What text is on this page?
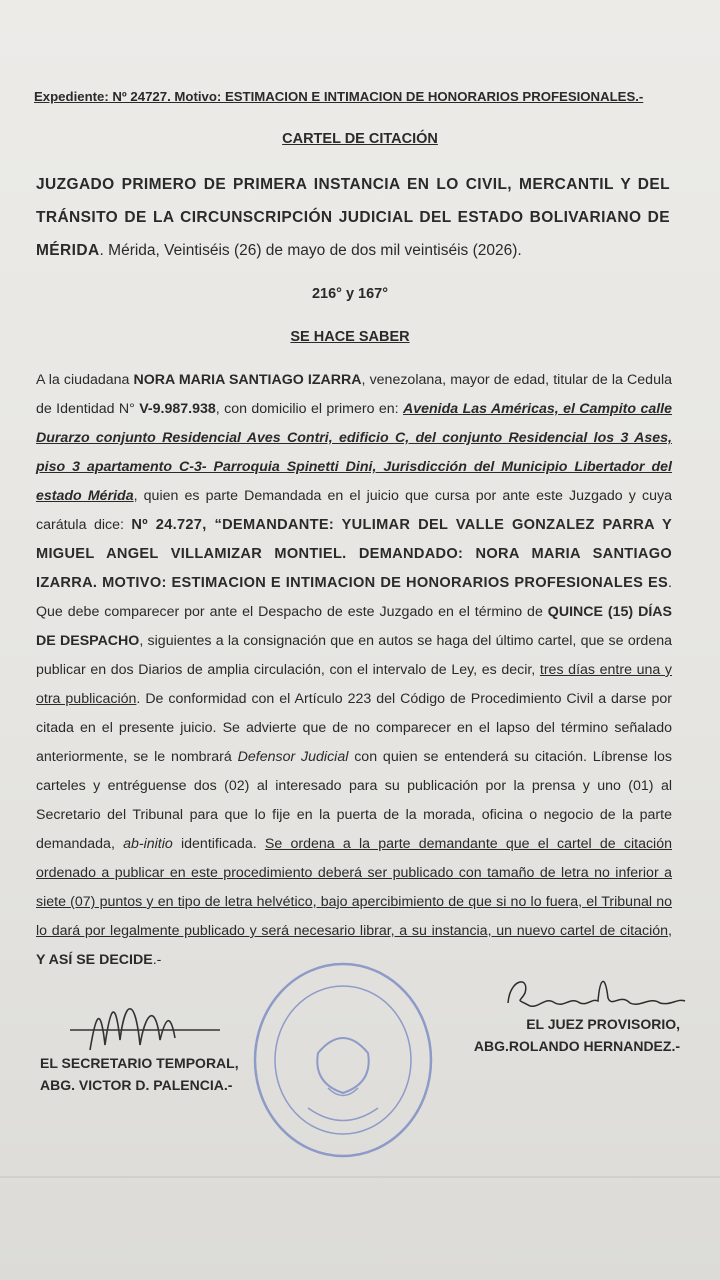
Expediente: Nº 24727. Motivo: ESTIMACION E INTIMACION DE HONORARIOS PROFESIONALES.-
CARTEL DE CITACIÓN
JUZGADO PRIMERO DE PRIMERA INSTANCIA EN LO CIVIL, MERCANTIL Y DEL TRÁNSITO DE LA CIRCUNSCRIPCIÓN JUDICIAL DEL ESTADO BOLIVARIANO DE MÉRIDA. Mérida, Veintiséis (26) de mayo de dos mil veintiséis (2026).
216° y 167°
SE HACE SABER
A la ciudadana NORA MARIA SANTIAGO IZARRA, venezolana, mayor de edad, titular de la Cedula de Identidad N° V-9.987.938, con domicilio el primero en: Avenida Las Américas, el Campito calle Durarzo conjunto Residencial Aves Contri, edificio C, del conjunto Residencial los 3 Ases, piso 3 apartamento C-3- Parroquia Spinetti Dini, Jurisdicción del Municipio Libertador del estado Mérida, quien es parte Demandada en el juicio que cursa por ante este Juzgado y cuya carátula dice: Nº 24.727, “DEMANDANTE: YULIMAR DEL VALLE GONZALEZ PARRA Y MIGUEL ANGEL VILLAMIZAR MONTIEL. DEMANDADO: NORA MARIA SANTIAGO IZARRA. MOTIVO: ESTIMACION E INTIMACION DE HONORARIOS PROFESIONALES ES. Que debe comparecer por ante el Despacho de este Juzgado en el término de QUINCE (15) DÍAS DE DESPACHO, siguientes a la consignación que en autos se haga del último cartel, que se ordena publicar en dos Diarios de amplia circulación, con el intervalo de Ley, es decir, tres días entre una y otra publicación. De conformidad con el Artículo 223 del Código de Procedimiento Civil a darse por citada en el presente juicio. Se advierte que de no comparecer en el lapso del término señalado anteriormente, se le nombrará Defensor Judicial con quien se entenderá su citación. Líbrense los carteles y entréguense dos (02) al interesado para su publicación por la prensa y uno (01) al Secretario del Tribunal para que lo fije en la puerta de la morada, oficina o negocio de la parte demandada, ab-initio identificada. Se ordena a la parte demandante que el cartel de citación ordenado a publicar en este procedimiento deberá ser publicado con tamaño de letra no inferior a siete (07) puntos y en tipo de letra helvético, bajo apercibimiento de que si no lo fuera, el Tribunal no lo dará por legalmente publicado y será necesario librar, a su instancia, un nuevo cartel de citación, Y ASÍ SE DECIDE.-
EL JUEZ PROVISORIO,
ABG.ROLANDO HERNANDEZ.-
EL SECRETARIO TEMPORAL,
ABG. VICTOR D. PALENCIA.-
